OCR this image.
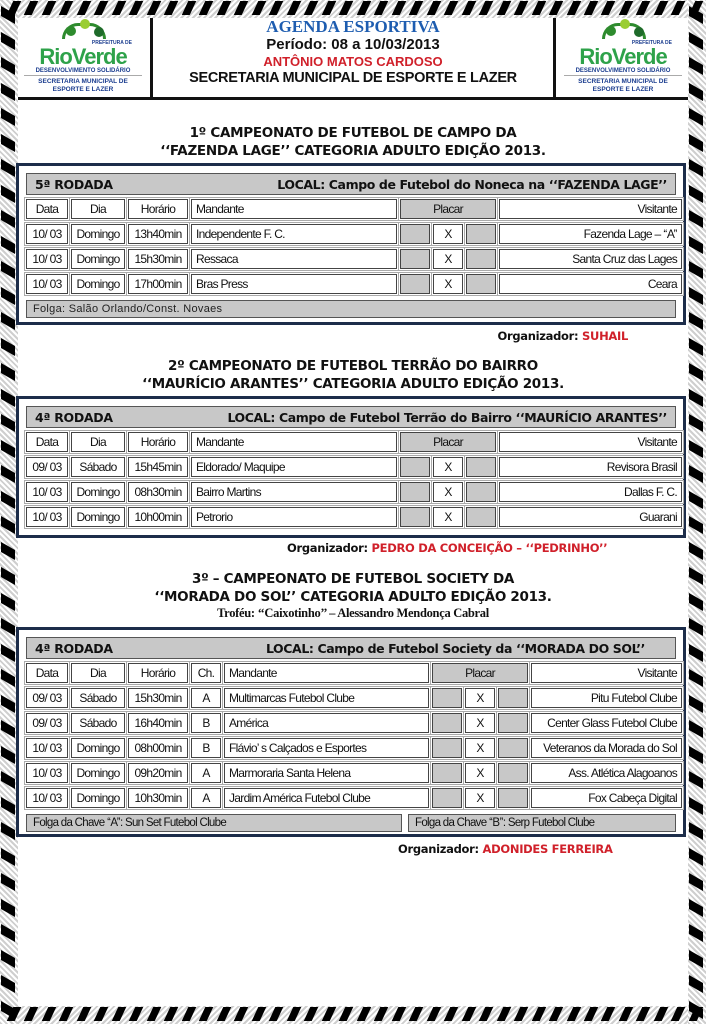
PREFEITURA DE
RioVerde
DESENVOLVIMENTO SOLIDÁRIO
SECRETARIA MUNICIPAL DE
ESPORTE E LAZER
AGENDA ESPORTIVA
Período: 08 a 10/03/2013
ANTÔNIO MATOS CARDOSO
SECRETARIA MUNICIPAL DE ESPORTE E LAZER
PREFEITURA DE
RioVerde
DESENVOLVIMENTO SOLIDÁRIO
SECRETARIA MUNICIPAL DE
ESPORTE E LAZER
1º CAMPEONATO DE FUTEBOL DE CAMPO DA
‘‘FAZENDA LAGE’’ CATEGORIA ADULTO EDIÇÃO 2013.
5ª RODADA	LOCAL: Campo de Futebol do Noneca na ‘‘FAZENDA LAGE’’
Data	Dia	Horário	Mandante	Placar	Visitante
10/ 03	Domingo	13h40min	Independente F. C.	X	Fazenda Lage – ‘‘A’’
10/ 03	Domingo	15h30min	Ressaca	X	Santa Cruz das Lages
10/ 03	Domingo	17h00min	Bras Press	X	Ceara
Folga: Salão Orlando/Const. Novaes
Organizador: SUHAIL
2º CAMPEONATO DE FUTEBOL TERRÃO DO BAIRRO
‘‘MAURÍCIO ARANTES’’ CATEGORIA ADULTO EDIÇÃO 2013.
4ª RODADA	LOCAL: Campo de Futebol Terrão do Bairro ‘‘MAURÍCIO ARANTES’’
Data	Dia	Horário	Mandante	Placar	Visitante
09/ 03	Sábado	15h45min	Eldorado/ Maquipe	X	Revisora Brasil
10/ 03	Domingo	08h30min	Bairro Martins	X	Dallas F. C.
10/ 03	Domingo	10h00min	Petrorio	X	Guarani
Organizador: PEDRO DA CONCEIÇÃO – ‘‘PEDRINHO’’
3º – CAMPEONATO DE FUTEBOL SOCIETY DA
‘‘MORADA DO SOL’’ CATEGORIA ADULTO EDIÇÃO 2013.
Troféu: ‘‘Caixotinho’’ – Alessandro Mendonça Cabral
4ª RODADA	LOCAL: Campo de Futebol Society da ‘‘MORADA DO SOL’’
Data	Dia	Horário	Ch.	Mandante	Placar	Visitante
09/ 03	Sábado	15h30min	A	Multimarcas Futebol Clube	X	Pitu Futebol Clube
09/ 03	Sábado	16h40min	B	América	X	Center Glass Futebol Clube
10/ 03	Domingo	08h00min	B	Flávio’ s Calçados e Esportes	X	Veteranos da Morada do Sol
10/ 03	Domingo	09h20min	A	Marmoraria Santa Helena	X	Ass. Atlética Alagoanos
10/ 03	Domingo	10h30min	A	Jardim América Futebol Clube	X	Fox Cabeça Digital
Folga da Chave ‘‘A’’: Sun Set Futebol Clube	Folga da Chave ‘‘B’’: Serp Futebol Clube
Organizador: ADONIDES FERREIRA
